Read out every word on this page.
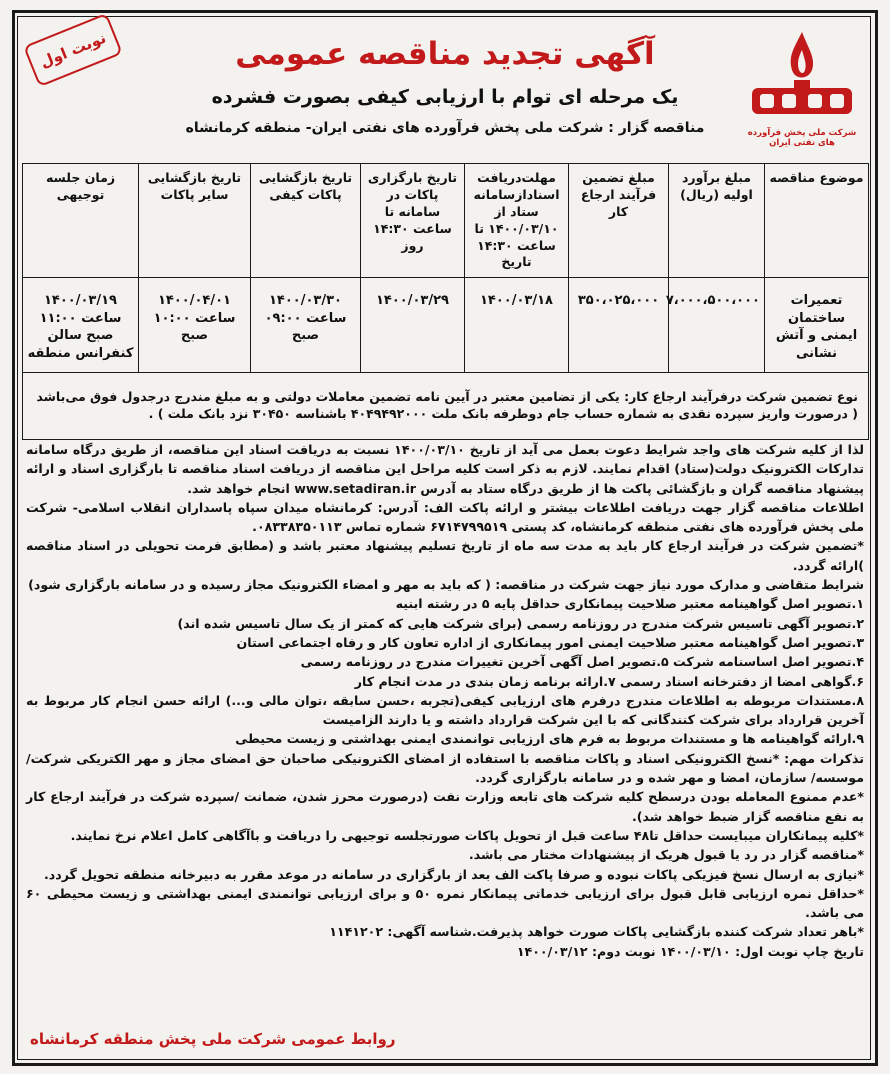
نوبت اول
شرکت ملی پخش فرآورده های نفتی ایران
آگهی تجدید مناقصه عمومی
یک مرحله ای توام با ارزیابی کیفی بصورت فشرده
مناقصه گزار : شرکت ملی پخش فرآورده های نفتی ایران- منطقه کرمانشاه
موضوع مناقصه	مبلغ برآورد اولیه (ریال)	مبلغ تضمین فرآیند ارجاع کار	مهلت‌دریافت اسناد‌از‌سامانه ستاد از ۱۴۰۰/۰۳/۱۰ تا ساعت ۱۴:۳۰ تاریخ	تاریخ بارگزاری پاکات در سامانه تا ساعت ۱۴:۳۰ روز	تاریخ بازگشایی پاکات کیفی	تاریخ بازگشایی سایر پاکات	زمان جلسه توجیهی
تعمیرات ساختمان ایمنی و آتش نشانی	۷،۰۰۰،۵۰۰،۰۰۰	۳۵۰،۰۲۵،۰۰۰	۱۴۰۰/۰۳/۱۸	۱۴۰۰/۰۳/۲۹	۱۴۰۰/۰۳/۳۰ ساعت ۰۹:۰۰ صبح	۱۴۰۰/۰۴/۰۱ ساعت ۱۰:۰۰ صبح	۱۴۰۰/۰۳/۱۹ ساعت ۱۱:۰۰ صبح سالن کنفرانس منطقه
نوع تضمین شرکت درفرآیند ارجاع کار: یکی از تضامین معتبر در آیین نامه تضمین معاملات دولتی و به مبلغ مندرج درجدول فوق می‌باشد ( درصورت واریز سپرده نقدی به شماره حساب جام دوطرفه بانک ملت ۴۰۴۹۴‌‌‌‌‌‌‌۹۲۰۰۰ باشناسه ۳۰۴۵۰ نزد بانک ملت ) .							

لذا از کلیه شرکت های واجد شرایط دعوت بعمل می آید از تاریخ ۱۴۰۰/۰۳/۱۰ نسبت به دریافت اسناد این مناقصه، از طریق درگاه سامانه تدارکات الکترونیک دولت(ستاد) اقدام نمایند. لازم به ذکر است کلیه مراحل این مناقصه از دریافت اسناد مناقصه تا بارگزاری اسناد و ارائه پیشنهاد مناقصه گران و بازگشائی پاکت ها از طریق درگاه ستاد به آدرس www.setadiran.ir انجام خواهد شد.

اطلاعات مناقصه گزار جهت دریافت اطلاعات بیشتر و ارائه پاکت الف: آدرس: کرمانشاه میدان سپاه پاسداران انقلاب اسلامی- شرکت ملی پخش فرآورده های نفتی منطقه کرمانشاه، کد پستی ۶۷۱۴۷۹۹۵۱۹ شماره تماس ۰۸۳۳۸۳۵۰۱۱۳.

*تضمین شرکت در فرآیند ارجاع کار باید به مدت سه ماه از تاریخ تسلیم پیشنهاد معتبر باشد و (مطابق فرمت تحویلی در اسناد مناقصه )ارائه گردد.

شرایط متقاضی و مدارک مورد نیاز جهت شرکت در مناقصه: ( که باید به مهر و امضاء الکترونیک مجاز رسیده و در سامانه بارگزاری شود)

۱.تصویر اصل گواهینامه معتبر صلاحیت پیمانکاری حداقل پایه ۵ در رشته ابنیه

۲.تصویر آگهی تاسیس شرکت مندرج در روزنامه رسمی (برای شرکت هایی که کمتر از یک سال تاسیس شده اند)

۳.تصویر اصل گواهینامه معتبر صلاحیت ایمنی امور پیمانکاری از اداره تعاون کار و رفاه اجتماعی استان

۴.تصویر اصل اساسنامه شرکت ۵.تصویر اصل آگهی آخرین تغییرات مندرج در روزنامه رسمی

۶.گواهی امضا از دفترخانه اسناد رسمی ۷.ارائه برنامه زمان بندی در مدت انجام کار

۸.مستندات مربوطه به اطلاعات مندرج درفرم های ارزیابی کیفی(تجربه ،حسن سابقه ،توان مالی و...) ارائه حسن انجام کار مربوط به آخرین قرارداد برای شرکت کنندگانی که با این شرکت قرارداد داشته و یا دارند الزامیست

۹.ارائه گواهینامه ها و مستندات مربوط به فرم های ارزیابی توانمندی ایمنی بهداشتی و زیست محیطی

تذکرات مهم: *نسخ الکترونیکی اسناد و پاکات مناقصه با استفاده از امضای الکترونیکی صاحبان حق امضای مجاز و مهر الکتریکی شرکت/موسسه/ سازمان، امضا و مهر شده و در سامانه بارگزاری گردد.

*عدم ممنوع المعامله بودن درسطح کلیه شرکت های تابعه وزارت نفت (درصورت محرز شدن، ضمانت /سپرده شرکت در فرآیند ارجاع کار به نفع مناقصه گزار ضبط خواهد شد).

*کلیه پیمانکاران میبایست حداقل تا۴۸ ساعت قبل از تحویل پاکات صورتجلسه توجیهی را دریافت و باآگاهی کامل اعلام نرخ نمایند.

*مناقصه گزار در رد یا قبول هریک از پیشنهادات مختار می باشد.

*نیازی به ارسال نسخ فیزیکی پاکات نبوده و صرفا پاکت الف بعد از بارگزاری در سامانه در موعد مقرر به دبیرخانه منطقه تحویل گردد.

*حداقل نمره ارزیابی قابل قبول برای ارزیابی خدماتی پیمانکار نمره ۵۰ و برای ارزیابی توانمندی ایمنی بهداشتی و زیست محیطی ۶۰ می باشد.

*باهر تعداد شرکت کننده بازگشایی پاکات صورت خواهد پذیرفت.شناسه آگهی: ۱۱۴۱۲۰۲

تاریخ چاپ نوبت اول: ۱۴۰۰/۰۳/۱۰ نوبت دوم: ۱۴۰۰/۰۳/۱۲

روابط عمومی شرکت ملی پخش منطقه کرمانشاه
